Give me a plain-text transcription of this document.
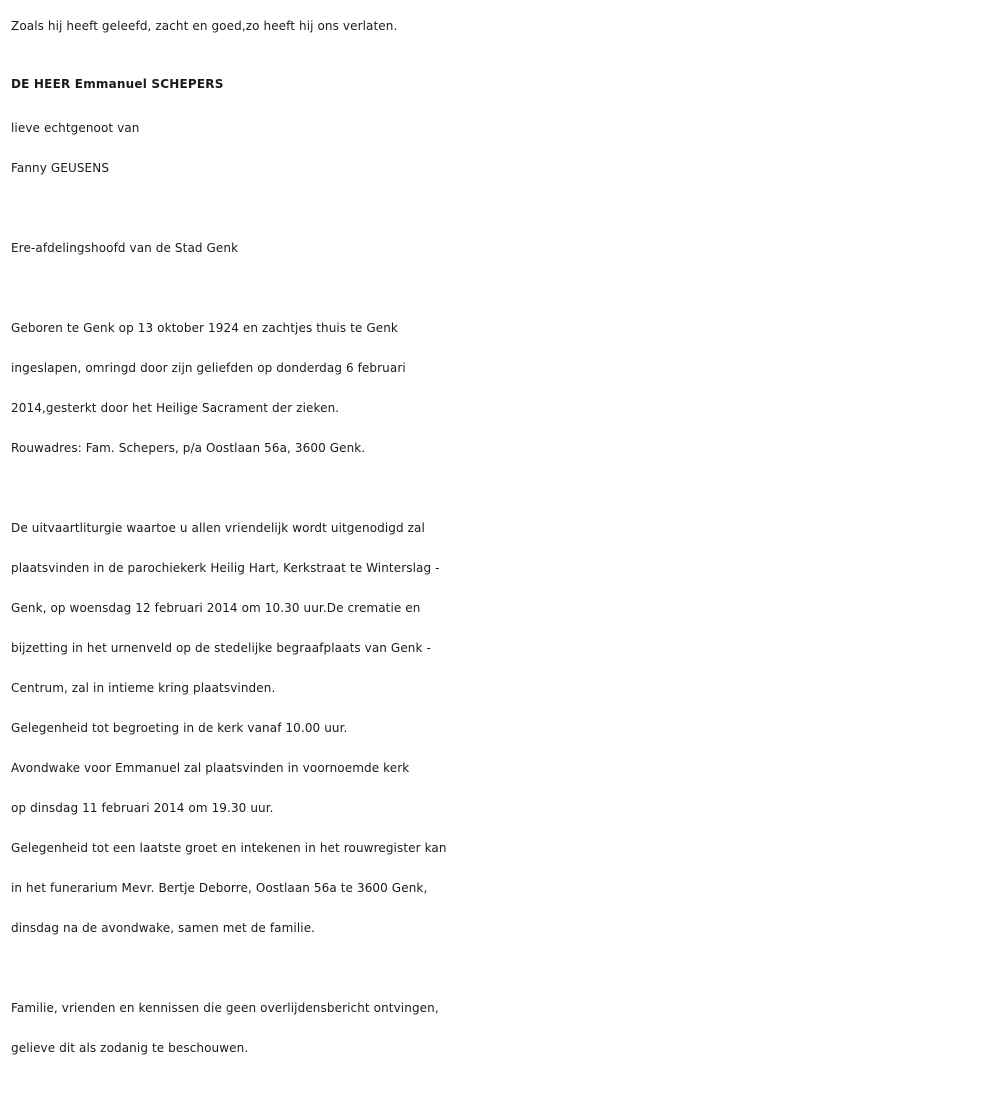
Zoals hij heeft geleefd, zacht en goed,zo heeft hij ons verlaten.
DE HEER Emmanuel SCHEPERS
lieve echtgenoot van
Fanny GEUSENS
Ere-afdelingshoofd van de Stad Genk
Geboren te Genk op 13 oktober 1924 en zachtjes thuis te Genk
ingeslapen, omringd door zijn geliefden op donderdag 6 februari
2014,gesterkt door het Heilige Sacrament der zieken.
Rouwadres: Fam. Schepers, p/a Oostlaan 56a, 3600 Genk.
De uitvaartliturgie waartoe u allen vriendelijk wordt uitgenodigd zal
plaatsvinden in de parochiekerk Heilig Hart, Kerkstraat te Winterslag -
Genk, op woensdag 12 februari 2014 om 10.30 uur.De crematie en
bijzetting in het urnenveld op de stedelijke begraafplaats van Genk -
Centrum, zal in intieme kring plaatsvinden.
Gelegenheid tot begroeting in de kerk vanaf 10.00 uur.
Avondwake voor Emmanuel zal plaatsvinden in voornoemde kerk
op dinsdag 11 februari 2014 om 19.30 uur.
Gelegenheid tot een laatste groet en intekenen in het rouwregister kan
in het funerarium Mevr. Bertje Deborre, Oostlaan 56a te 3600 Genk,
dinsdag na de avondwake, samen met de familie.
Familie, vrienden en kennissen die geen overlijdensbericht ontvingen,
gelieve dit als zodanig te beschouwen.
